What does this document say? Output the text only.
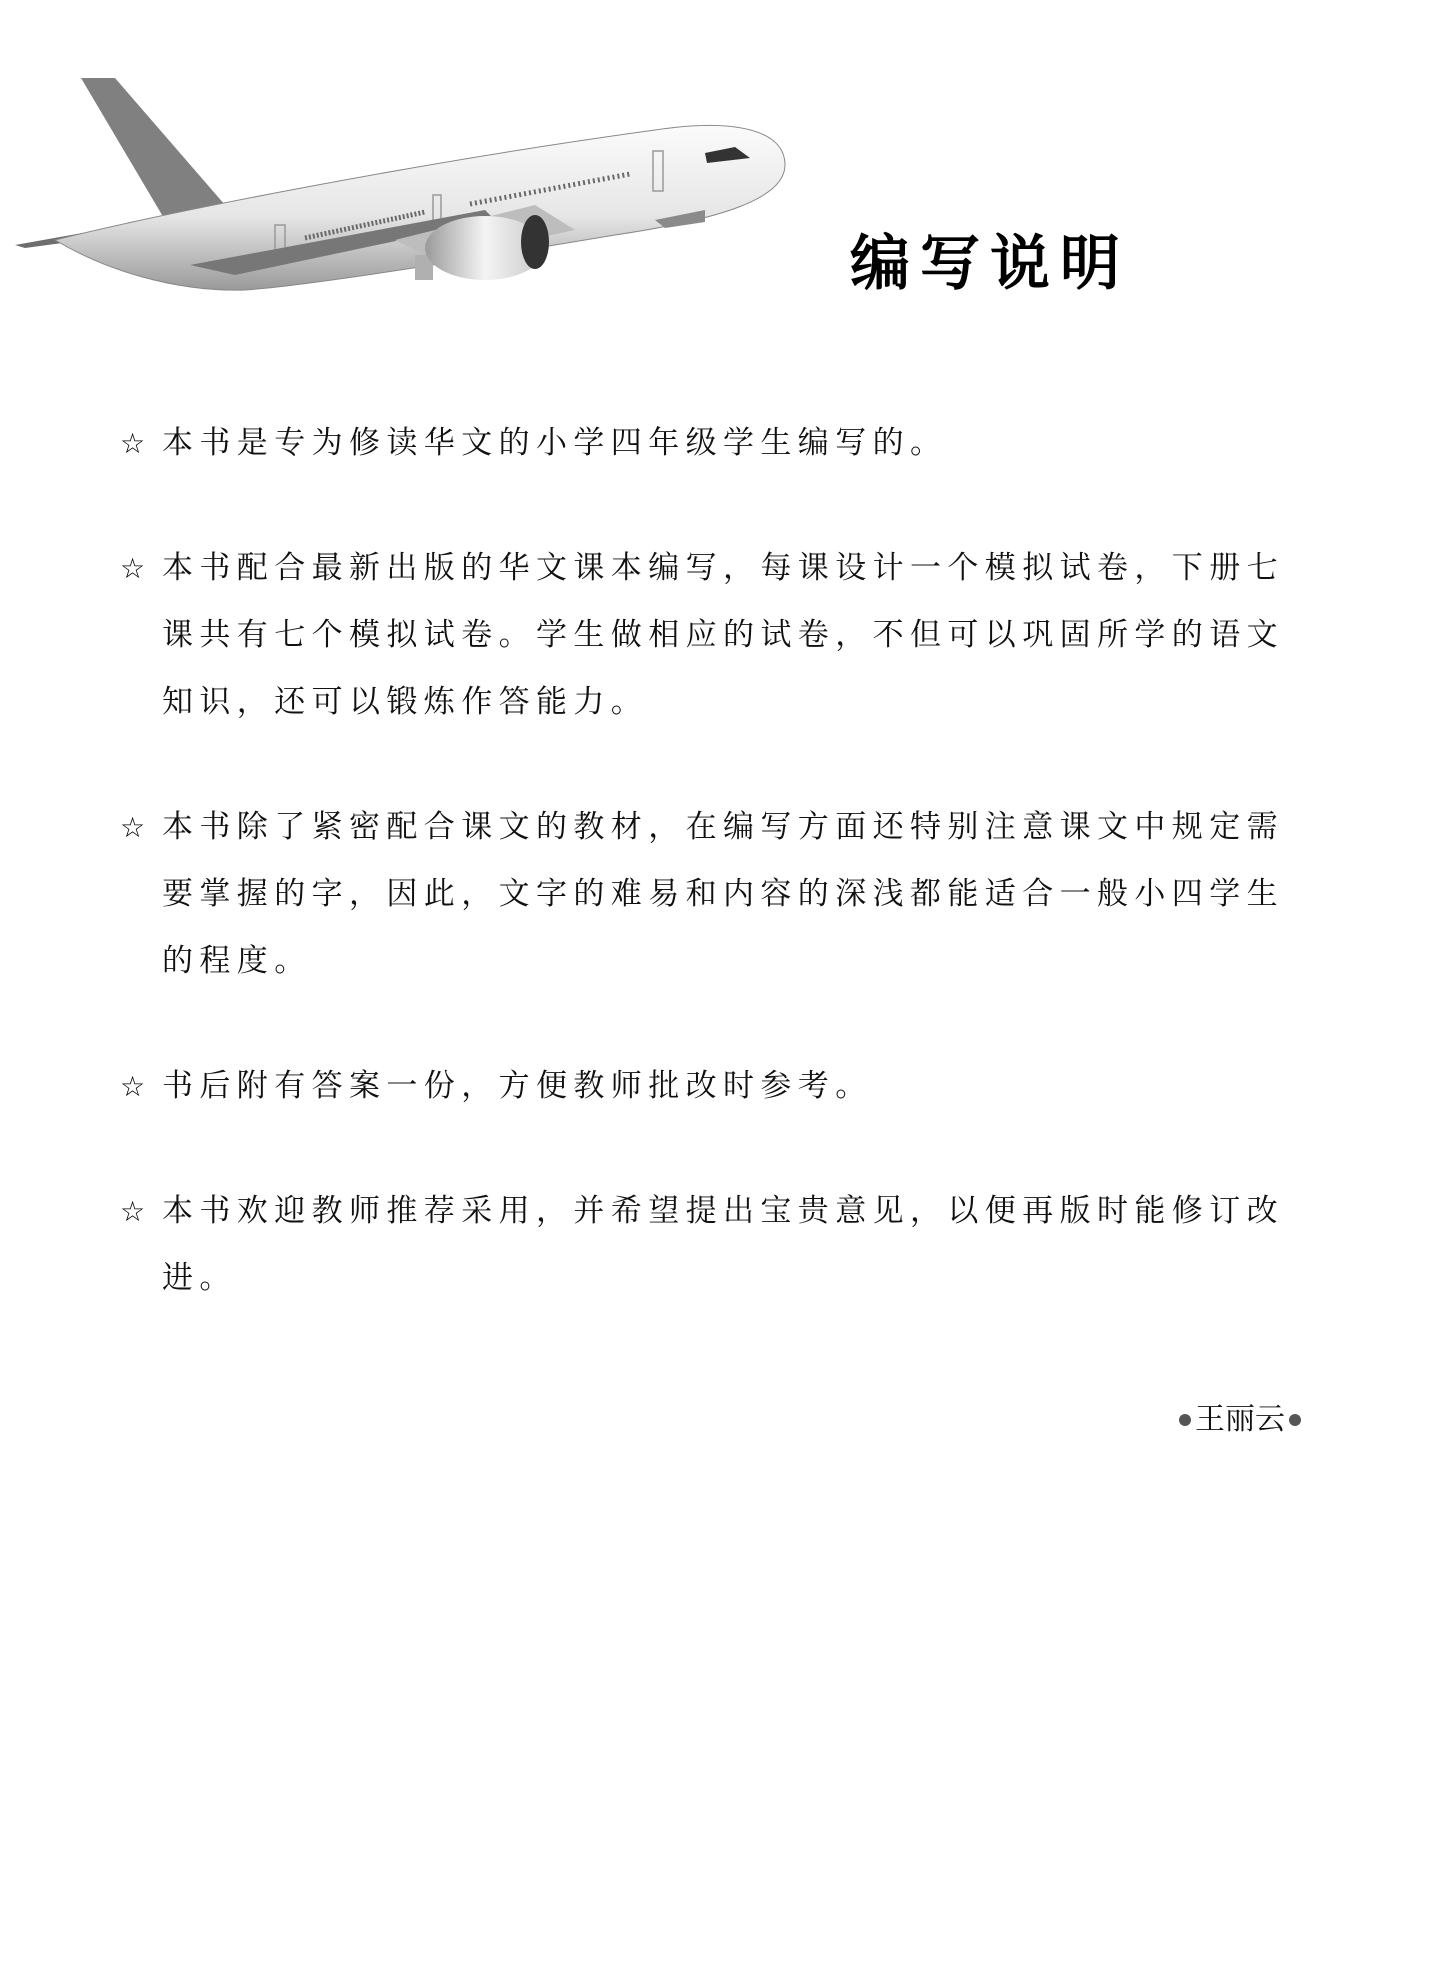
编写说明
☆ 本书是专为修读华文的小学四年级学生编写的。
☆ 本书配合最新出版的华文课本编写，每课设计一个模拟试卷，下册七课共有七个模拟试卷。学生做相应的试卷，不但可以巩固所学的语文知识，还可以锻炼作答能力。
☆ 本书除了紧密配合课文的教材，在编写方面还特别注意课文中规定需要掌握的字，因此，文字的难易和内容的深浅都能适合一般小四学生的程度。
☆ 书后附有答案一份，方便教师批改时参考。
☆ 本书欢迎教师推荐采用，并希望提出宝贵意见，以便再版时能修订改进。
王丽云
